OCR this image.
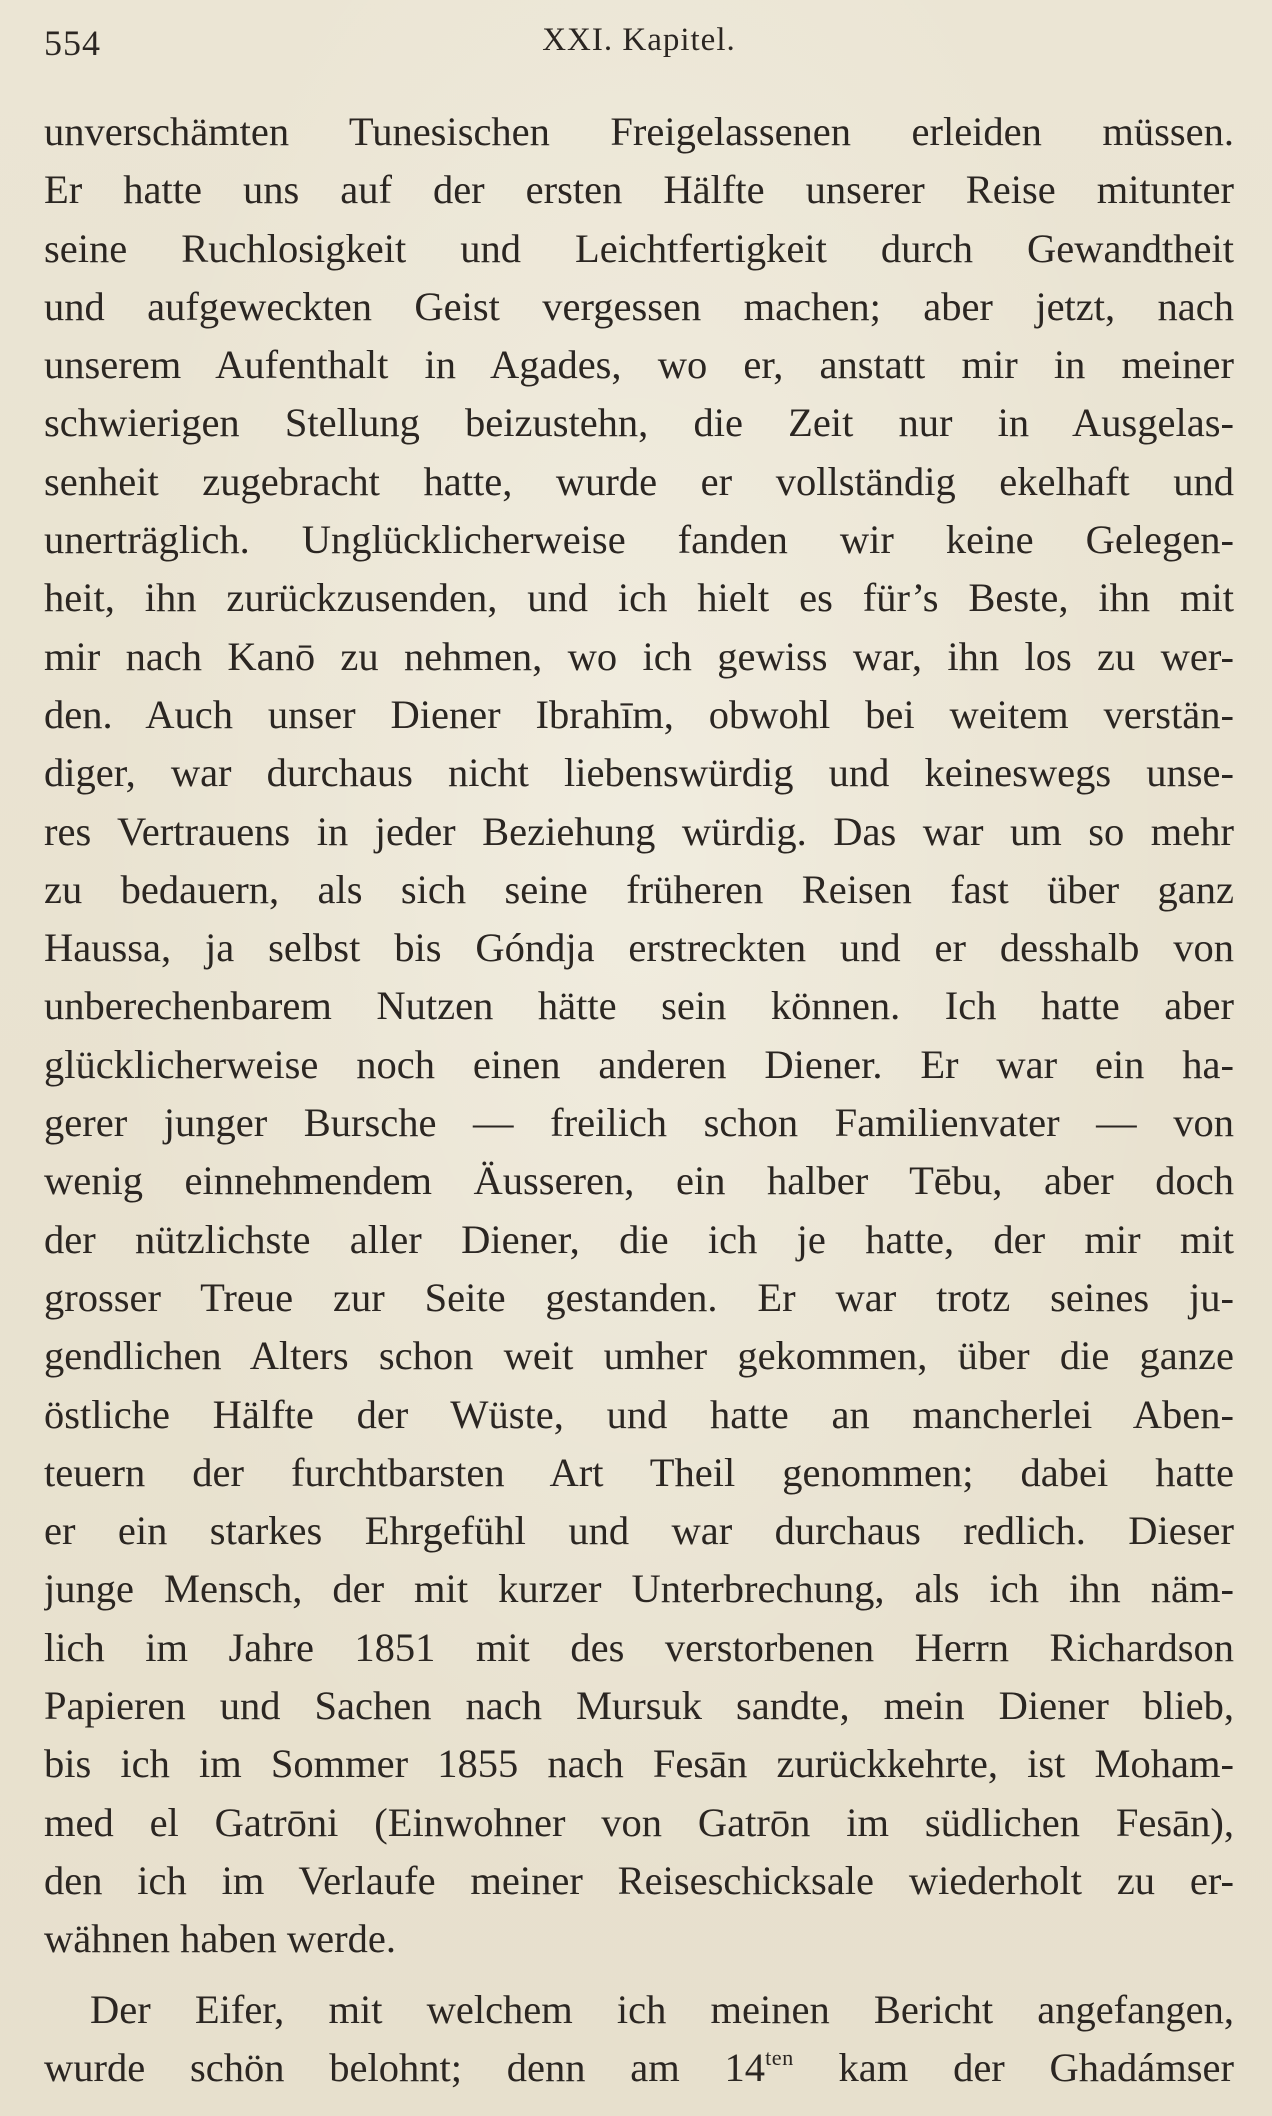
554	XXI. Kapitel.
unverschämten Tunesischen Freigelassenen erleiden müssen.
Er hatte uns auf der ersten Hälfte unserer Reise mitunter
seine Ruchlosigkeit und Leichtfertigkeit durch Gewandtheit
und aufgeweckten Geist vergessen machen; aber jetzt, nach
unserem Aufenthalt in Agades, wo er, anstatt mir in meiner
schwierigen Stellung beizustehn, die Zeit nur in Ausgelas-
senheit zugebracht hatte, wurde er vollständig ekelhaft und
unerträglich. Unglücklicherweise fanden wir keine Gelegen-
heit, ihn zurückzusenden, und ich hielt es für’s Beste, ihn mit
mir nach Kanō zu nehmen, wo ich gewiss war, ihn los zu wer-
den. Auch unser Diener Ibrahīm, obwohl bei weitem verstän-
diger, war durchaus nicht liebenswürdig und keineswegs unse-
res Vertrauens in jeder Beziehung würdig. Das war um so mehr
zu bedauern, als sich seine früheren Reisen fast über ganz
Haussa, ja selbst bis Góndja erstreckten und er desshalb von
unberechenbarem Nutzen hätte sein können. Ich hatte aber
glücklicherweise noch einen anderen Diener. Er war ein ha-
gerer junger Bursche — freilich schon Familienvater — von
wenig einnehmendem Äusseren, ein halber Tēbu, aber doch
der nützlichste aller Diener, die ich je hatte, der mir mit
grosser Treue zur Seite gestanden. Er war trotz seines ju-
gendlichen Alters schon weit umher gekommen, über die ganze
östliche Hälfte der Wüste, und hatte an mancherlei Aben-
teuern der furchtbarsten Art Theil genommen; dabei hatte
er ein starkes Ehrgefühl und war durchaus redlich. Dieser
junge Mensch, der mit kurzer Unterbrechung, als ich ihn näm-
lich im Jahre 1851 mit des verstorbenen Herrn Richardson
Papieren und Sachen nach Mursuk sandte, mein Diener blieb,
bis ich im Sommer 1855 nach Fesān zurückkehrte, ist Moham-
med el Gatrōni (Einwohner von Gatrōn im südlichen Fesān),
den ich im Verlaufe meiner Reiseschicksale wiederholt zu er-
wähnen haben werde.
Der Eifer, mit welchem ich meinen Bericht angefangen,
wurde schön belohnt; denn am $14^{ten}$ kam der Ghadámser
